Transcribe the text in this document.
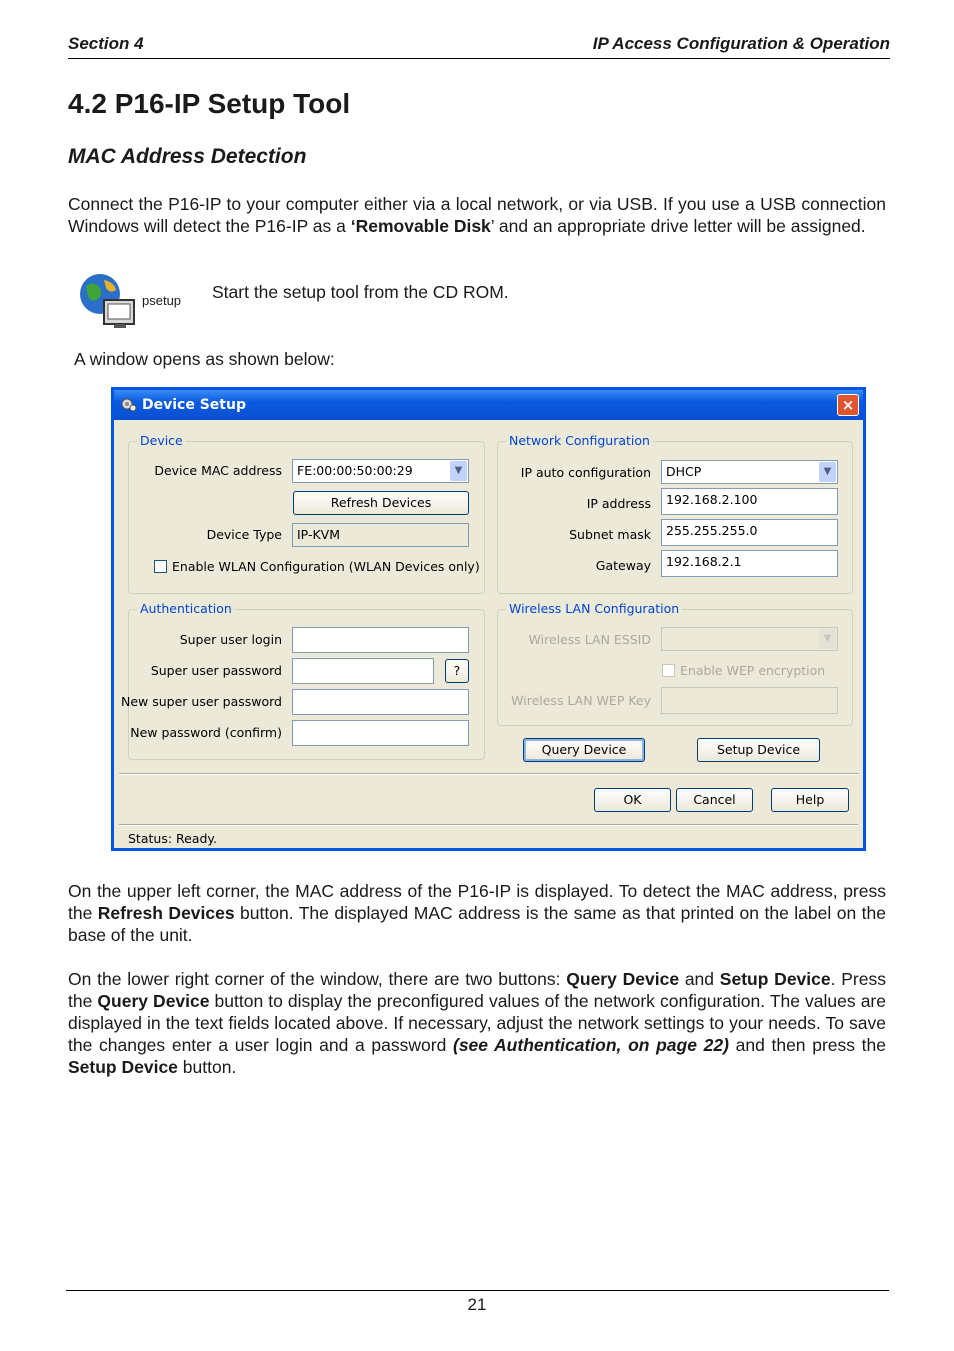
Section 4	IP Access Configuration & Operation
4.2 P16-IP Setup Tool
MAC Address Detection

Connect the P16-IP to your computer either via a local network, or via USB. If you use a USB connection Windows will detect the P16-IP as a ‘Removable Disk’ and an appropriate drive letter will be assigned.

psetup Start the setup tool from the CD ROM.
A window opens as shown below:
Device Setup	×
Device
Device MAC address	FE:00:00:50:00:29	▼
Refresh Devices
Device Type	IP-KVM
Enable WLAN Configuration (WLAN Devices only)
Network Configuration
IP auto configuration	DHCP	▼
IP address	192.168.2.100
Subnet mask	255.255.255.0
Gateway	192.168.2.1
Authentication
Super user login
Super user password	?
New super user password
New password (confirm)
Wireless LAN Configuration
Wireless LAN ESSID	▼
Enable WEP encryption
Wireless LAN WEP Key
Query Device	Setup Device
OK	Cancel	Help
Status: Ready.

On the upper left corner, the MAC address of the P16-IP is displayed. To detect the MAC address, press the Refresh Devices button. The displayed MAC address is the same as that printed on the label on the base of the unit.

On the lower right corner of the window, there are two buttons: Query Device and Setup Device. Press the Query Device button to display the preconfigured values of the network configuration. The values are displayed in the text fields located above. If necessary, adjust the network settings to your needs. To save the changes enter a user login and a password (see Authentication, on page 22) and then press the Setup Device button.

21
